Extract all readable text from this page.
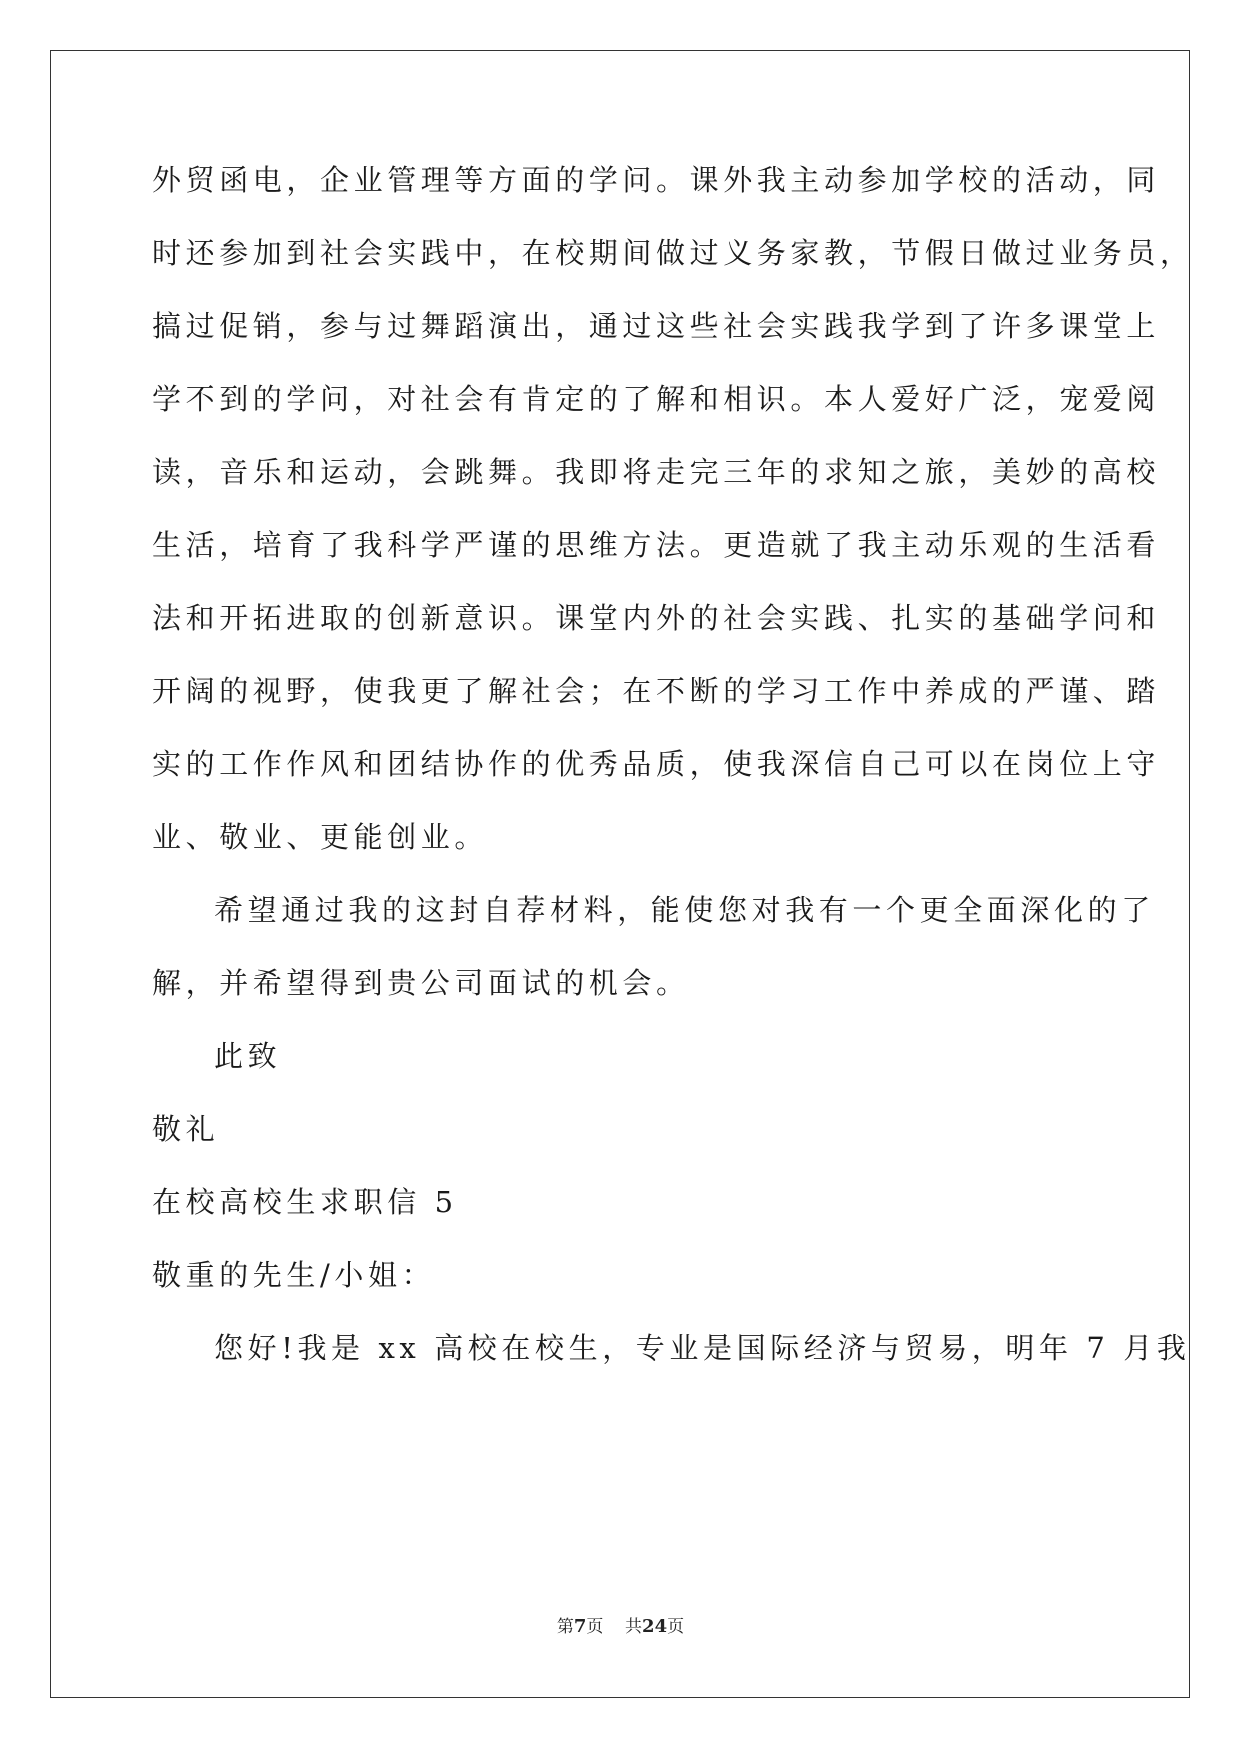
外贸函电，企业管理等方面的学问。课外我主动参加学校的活动，同
时还参加到社会实践中，在校期间做过义务家教，节假日做过业务员，
搞过促销，参与过舞蹈演出，通过这些社会实践我学到了许多课堂上
学不到的学问，对社会有肯定的了解和相识。本人爱好广泛，宠爱阅
读，音乐和运动，会跳舞。我即将走完三年的求知之旅，美妙的高校
生活，培育了我科学严谨的思维方法。更造就了我主动乐观的生活看
法和开拓进取的创新意识。课堂内外的社会实践、扎实的基础学问和
开阔的视野，使我更了解社会；在不断的学习工作中养成的严谨、踏
实的工作作风和团结协作的优秀品质，使我深信自己可以在岗位上守
业、敬业、更能创业。
希望通过我的这封自荐材料，能使您对我有一个更全面深化的了
解，并希望得到贵公司面试的机会。
此致
敬礼
在校高校生求职信 5
敬重的先生/小姐：
您好!我是 xx 高校在校生，专业是国际经济与贸易，明年 7 月我
第7页 共24页
